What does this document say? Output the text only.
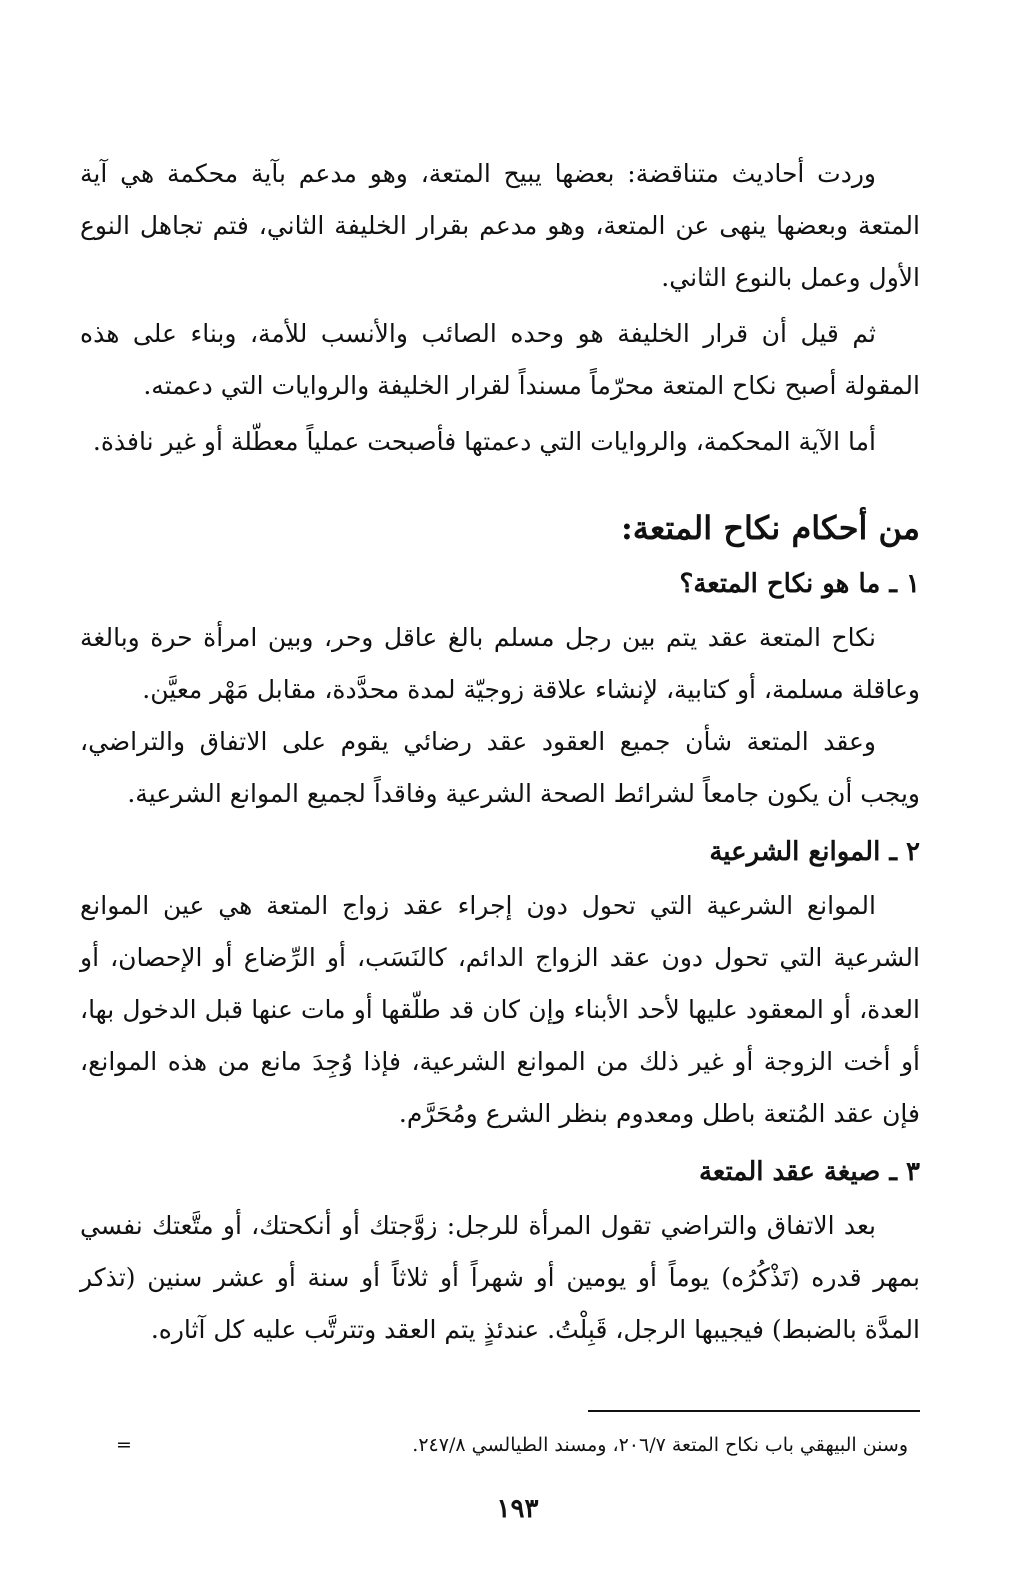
وردت أحاديث متناقضة: بعضها يبيح المتعة، وهو مدعم بآية محكمة هي آية المتعة وبعضها ينهى عن المتعة، وهو مدعم بقرار الخليفة الثاني، فتم تجاهل النوع الأول وعمل بالنوع الثاني.

ثم قيل أن قرار الخليفة هو وحده الصائب والأنسب للأمة، وبناء على هذه المقولة أصبح نكاح المتعة محرّماً مسنداً لقرار الخليفة والروايات التي دعمته.

أما الآية المحكمة، والروايات التي دعمتها فأصبحت عملياً معطّلة أو غير نافذة.

من أحكام نكاح المتعة:
١ ـ ما هو نكاح المتعة؟

نكاح المتعة عقد يتم بين رجل مسلم بالغ عاقل وحر، وبين امرأة حرة وبالغة وعاقلة مسلمة، أو كتابية، لإنشاء علاقة زوجيّة لمدة محدَّدة، مقابل مَهْر معيَّن.

وعقد المتعة شأن جميع العقود عقد رضائي يقوم على الاتفاق والتراضي، ويجب أن يكون جامعاً لشرائط الصحة الشرعية وفاقداً لجميع الموانع الشرعية.

٢ ـ الموانع الشرعية

الموانع الشرعية التي تحول دون إجراء عقد زواج المتعة هي عين الموانع الشرعية التي تحول دون عقد الزواج الدائم، كالنَسَب، أو الرِّضاع أو الإحصان، أو العدة، أو المعقود عليها لأحد الأبناء وإن كان قد طلّقها أو مات عنها قبل الدخول بها، أو أخت الزوجة أو غير ذلك من الموانع الشرعية، فإذا وُجِدَ مانع من هذه الموانع، فإن عقد المُتعة باطل ومعدوم بنظر الشرع ومُحَرَّم.

٣ ـ صيغة عقد المتعة

بعد الاتفاق والتراضي تقول المرأة للرجل: زوَّجتك أو أنكحتك، أو متَّعتك نفسي بمهر قدره (تَذْكُرُه) يوماً أو يومين أو شهراً أو ثلاثاً أو سنة أو عشر سنين (تذكر المدَّة بالضبط) فيجيبها الرجل، قَبِلْتُ. عندئذٍ يتم العقد وتترتَّب عليه كل آثاره.

وسنن البيهقي باب نكاح المتعة ٢٠٦/٧، ومسند الطيالسي ٢٤٧/٨.
=
١٩٣
